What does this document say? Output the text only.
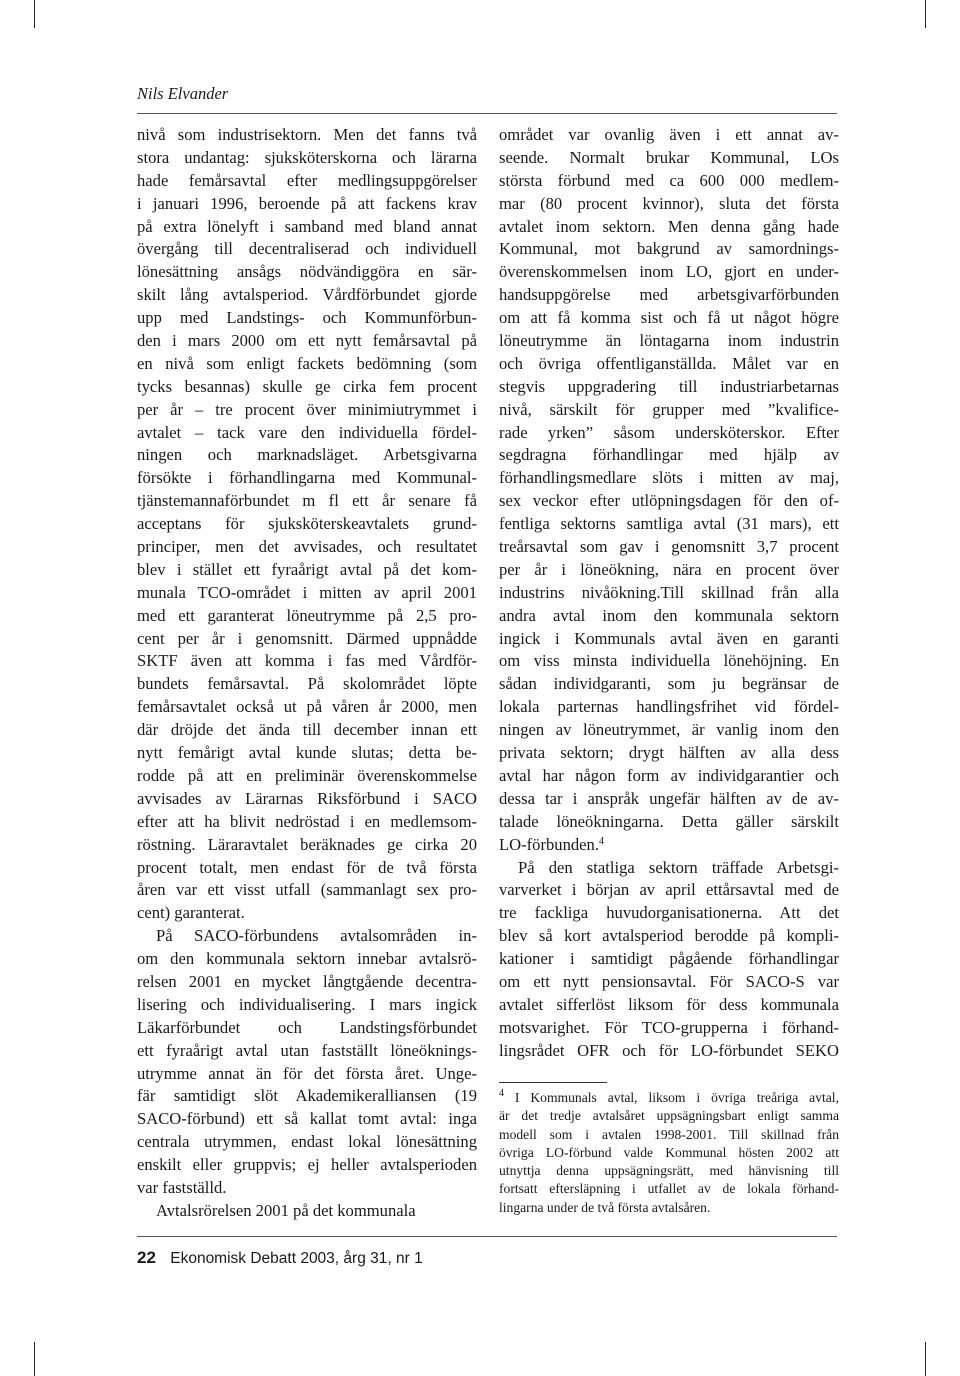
Nils Elvander
nivå som industrisektorn. Men det fanns två
stora undantag: sjuksköterskorna och lärarna
hade femårsavtal efter medlingsuppgörelser
i januari 1996, beroende på att fackens krav
på extra lönelyft i samband med bland annat
övergång till decentraliserad och individuell
lönesättning ansågs nödvändiggöra en sär-
skilt lång avtalsperiod. Vårdförbundet gjorde
upp med Landstings- och Kommunförbun-
den i mars 2000 om ett nytt femårsavtal på
en nivå som enligt fackets bedömning (som
tycks besannas) skulle ge cirka fem procent
per år – tre procent över minimiutrymmet i
avtalet – tack vare den individuella fördel-
ningen och marknadsläget. Arbetsgivarna
försökte i förhandlingarna med Kommunal-
tjänstemannaförbundet m fl ett år senare få
acceptans för sjuksköterskeavtalets grund-
principer, men det avvisades, och resultatet
blev i stället ett fyraårigt avtal på det kom-
munala TCO-området i mitten av april 2001
med ett garanterat löneutrymme på 2,5 pro-
cent per år i genomsnitt. Därmed uppnådde
SKTF även att komma i fas med Vårdför-
bundets femårsavtal. På skolområdet löpte
femårsavtalet också ut på våren år 2000, men
där dröjde det ända till december innan ett
nytt femårigt avtal kunde slutas; detta be-
rodde på att en preliminär överenskommelse
avvisades av Lärarnas Riksförbund i SACO
efter att ha blivit nedröstad i en medlemsom-
röstning. Läraravtalet beräknades ge cirka 20
procent totalt, men endast för de två första
åren var ett visst utfall (sammanlagt sex pro-
cent) garanterat.
På SACO-förbundens avtalsområden in-
om den kommunala sektorn innebar avtalsrö-
relsen 2001 en mycket långtgående decentra-
lisering och individualisering. I mars ingick
Läkarförbundet och Landstingsförbundet
ett fyraårigt avtal utan fastställt löneöknings-
utrymme annat än för det första året. Unge-
fär samtidigt slöt Akademikeralliansen (19
SACO-förbund) ett så kallat tomt avtal: inga
centrala utrymmen, endast lokal lönesättning
enskilt eller gruppvis; ej heller avtalsperioden
var fastställd.
Avtalsrörelsen 2001 på det kommunala
området var ovanlig även i ett annat av-
seende. Normalt brukar Kommunal, LOs
största förbund med ca 600 000 medlem-
mar (80 procent kvinnor), sluta det första
avtalet inom sektorn. Men denna gång hade
Kommunal, mot bakgrund av samordnings-
överenskommelsen inom LO, gjort en under-
handsuppgörelse med arbetsgivarförbunden
om att få komma sist och få ut något högre
löneutrymme än löntagarna inom industrin
och övriga offentliganställda. Målet var en
stegvis uppgradering till industriarbetarnas
nivå, särskilt för grupper med ”kvalifice-
rade yrken” såsom undersköterskor. Efter
segdragna förhandlingar med hjälp av
förhandlingsmedlare slöts i mitten av maj,
sex veckor efter utlöpningsdagen för den of-
fentliga sektorns samtliga avtal (31 mars), ett
treårsavtal som gav i genomsnitt 3,7 procent
per år i löneökning, nära en procent över
industrins nivåökning.Till skillnad från alla
andra avtal inom den kommunala sektorn
ingick i Kommunals avtal även en garanti
om viss minsta individuella lönehöjning. En
sådan individgaranti, som ju begränsar de
lokala parternas handlingsfrihet vid fördel-
ningen av löneutrymmet, är vanlig inom den
privata sektorn; drygt hälften av alla dess
avtal har någon form av individgarantier och
dessa tar i anspråk ungefär hälften av de av-
talade löneökningarna. Detta gäller särskilt
LO-förbunden.$^4$
På den statliga sektorn träffade Arbetsgi-
varverket i början av april ettårsavtal med de
tre fackliga huvudorganisationerna. Att det
blev så kort avtalsperiod berodde på kompli-
kationer i samtidigt pågående förhandlingar
om ett nytt pensionsavtal. För SACO-S var
avtalet sifferlöst liksom för dess kommunala
motsvarighet. För TCO-grupperna i förhand-
lingsrådet OFR och för LO-förbundet SEKO
$^4$ I Kommunals avtal, liksom i övriga treåriga avtal,
är det tredje avtalsåret uppsägningsbart enligt samma
modell som i avtalen 1998-2001. Till skillnad från
övriga LO-förbund valde Kommunal hösten 2002 att
utnyttja denna uppsägningsrätt, med hänvisning till
fortsatt eftersläpning i utfallet av de lokala förhand-
lingarna under de två första avtalsåren.
22 Ekonomisk Debatt 2003, årg 31, nr 1
